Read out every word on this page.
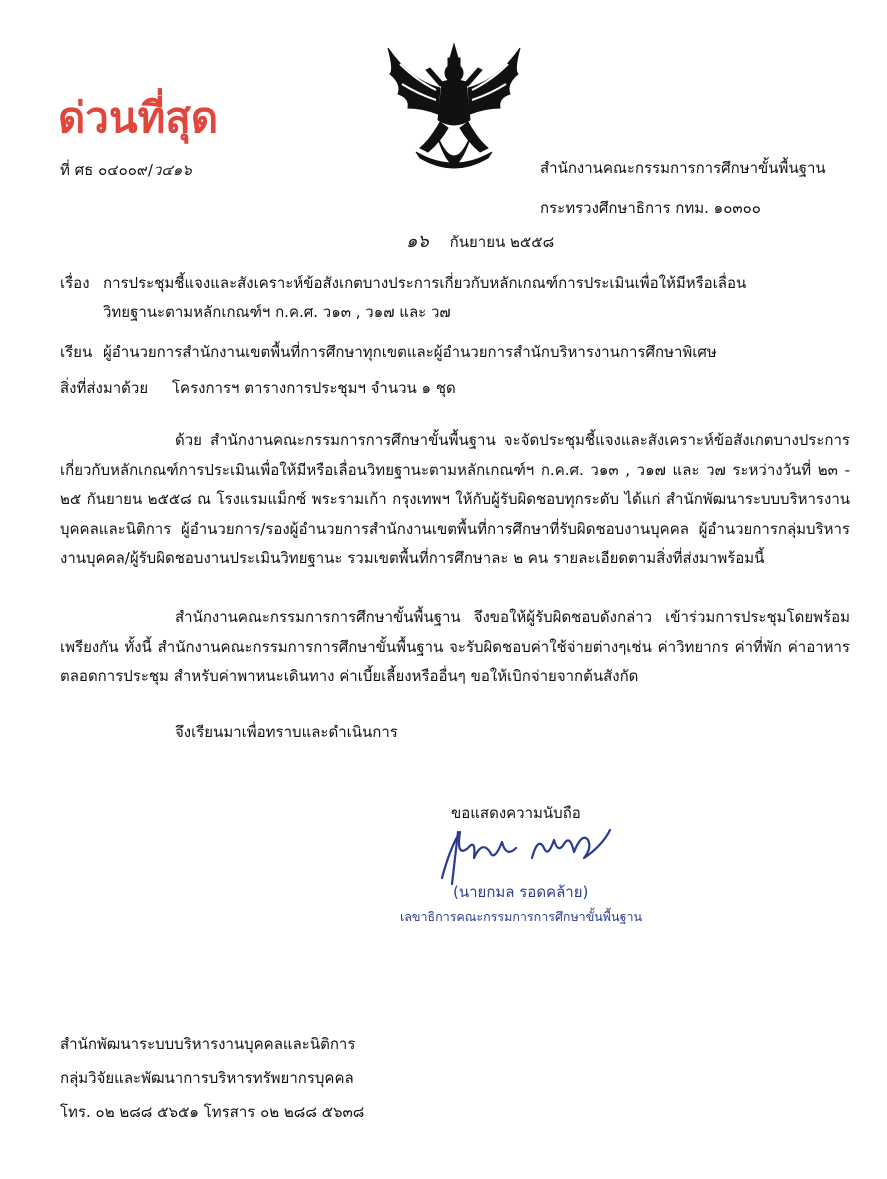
ด่วนที่สุด
ที่ ศธ ๐๔๐๐๙/ว๔๑๖	สำนักงานคณะกรรมการการศึกษาขั้นพื้นฐาน
กระทรวงศึกษาธิการ กทม. ๑๐๓๐๐
๑๖ กันยายน ๒๕๕๘
เรื่อง การประชุมชี้แจงและสังเคราะห์ข้อสังเกตบางประการเกี่ยวกับหลักเกณฑ์การประเมินเพื่อให้มีหรือเลื่อน
วิทยฐานะตามหลักเกณฑ์ฯ ก.ค.ศ. ว๑๓ , ว๑๗ และ ว๗
เรียน ผู้อำนวยการสำนักงานเขตพื้นที่การศึกษาทุกเขตและผู้อำนวยการสำนักบริหารงานการศึกษาพิเศษ
สิ่งที่ส่งมาด้วย โครงการฯ ตารางการประชุมฯ จำนวน ๑ ชุด
ด้วย สำนักงานคณะกรรมการการศึกษาขั้นพื้นฐาน จะจัดประชุมชี้แจงและสังเคราะห์ข้อสังเกตบางประการเกี่ยวกับหลักเกณฑ์การประเมินเพื่อให้มีหรือเลื่อนวิทยฐานะตามหลักเกณฑ์ฯ ก.ค.ศ. ว๑๓ , ว๑๗ และ ว๗ ระหว่างวันที่ ๒๓ - ๒๕ กันยายน ๒๕๕๘ ณ โรงแรมแม็กซ์ พระรามเก้า กรุงเทพฯ ให้กับผู้รับผิดชอบทุกระดับ ได้แก่ สำนักพัฒนาระบบบริหารงานบุคคลและนิติการ ผู้อำนวยการ/รองผู้อำนวยการสำนักงานเขตพื้นที่การศึกษาที่รับผิดชอบงานบุคคล ผู้อำนวยการกลุ่มบริหารงานบุคคล/ผู้รับผิดชอบงานประเมินวิทยฐานะ รวมเขตพื้นที่การศึกษาละ ๒ คน รายละเอียดตามสิ่งที่ส่งมาพร้อมนี้
สำนักงานคณะกรรมการการศึกษาขั้นพื้นฐาน จึงขอให้ผู้รับผิดชอบดังกล่าว เข้าร่วมการประชุมโดยพร้อมเพรียงกัน ทั้งนี้ สำนักงานคณะกรรมการการศึกษาขั้นพื้นฐาน จะรับผิดชอบค่าใช้จ่ายต่างๆเช่น ค่าวิทยากร ค่าที่พัก ค่าอาหารตลอดการประชุม สำหรับค่าพาหนะเดินทาง ค่าเบี้ยเลี้ยงหรืออื่นๆ ขอให้เบิกจ่ายจากต้นสังกัด
จึงเรียนมาเพื่อทราบและดำเนินการ
ขอแสดงความนับถือ
(นายกมล รอดคล้าย)
เลขาธิการคณะกรรมการการศึกษาขั้นพื้นฐาน
สำนักพัฒนาระบบบริหารงานบุคคลและนิติการ
กลุ่มวิจัยและพัฒนาการบริหารทรัพยากรบุคคล
โทร. ๐๒ ๒๘๘ ๕๖๕๑ โทรสาร ๐๒ ๒๘๘ ๕๖๓๘
